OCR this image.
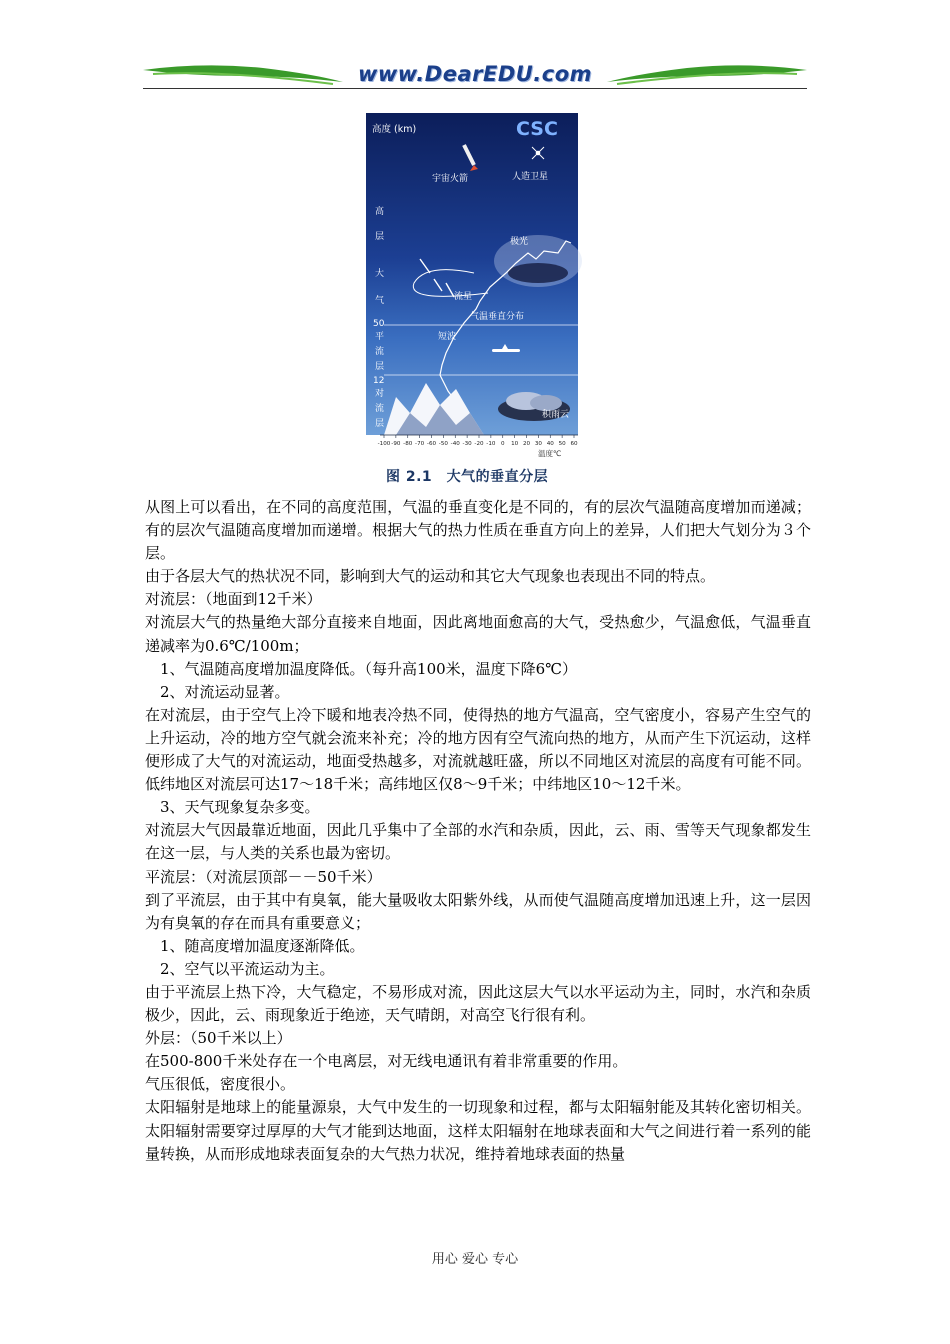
www.DearEDU.com
高度 (km)	CSC
宇宙火箭	人造卫星
极光
流星
气温垂直分布
短波
积雨云
高
层
大
气
50
平
流
层
12
对
流
层
-100 -90 -80 -70 -60 -50 -40 -30 -20 -10 0 10 20 30 40 50 60
温度℃
图 2.1　大气的垂直分层

从图上可以看出，在不同的高度范围，气温的垂直变化是不同的，有的层次气温随高度增加而递减；有的层次气温随高度增加而递增。根据大气的热力性质在垂直方向上的差异，人们把大气划分为３个层。

由于各层大气的热状况不同，影响到大气的运动和其它大气现象也表现出不同的特点。

对流层：（地面到12千米）

对流层大气的热量绝大部分直接来自地面，因此离地面愈高的大气，受热愈少，气温愈低，气温垂直递减率为0.6℃/100m；

1、气温随高度增加温度降低。（每升高100米，温度下降6℃）

2、对流运动显著。

在对流层，由于空气上冷下暖和地表冷热不同，使得热的地方气温高，空气密度小，容易产生空气的上升运动，冷的地方空气就会流来补充；冷的地方因有空气流向热的地方，从而产生下沉运动，这样便形成了大气的对流运动，地面受热越多，对流就越旺盛，所以不同地区对流层的高度有可能不同。低纬地区对流层可达17～18千米；高纬地区仅8～9千米；中纬地区10～12千米。

3、天气现象复杂多变。

对流层大气因最靠近地面，因此几乎集中了全部的水汽和杂质，因此，云、雨、雪等天气现象都发生在这一层，与人类的关系也最为密切。

平流层：（对流层顶部－－50千米）

到了平流层，由于其中有臭氧，能大量吸收太阳紫外线，从而使气温随高度增加迅速上升，这一层因为有臭氧的存在而具有重要意义；

1、随高度增加温度逐渐降低。

2、空气以平流运动为主。

由于平流层上热下冷，大气稳定，不易形成对流，因此这层大气以水平运动为主，同时，水汽和杂质极少，因此，云、雨现象近于绝迹，天气晴朗，对高空飞行很有利。

外层：（50千米以上）

在500-800千米处存在一个电离层，对无线电通讯有着非常重要的作用。

气压很低，密度很小。

太阳辐射是地球上的能量源泉，大气中发生的一切现象和过程，都与太阳辐射能及其转化密切相关。太阳辐射需要穿过厚厚的大气才能到达地面，这样太阳辐射在地球表面和大气之间进行着一系列的能量转换，从而形成地球表面复杂的大气热力状况，维持着地球表面的热量

用心 爱心 专心
